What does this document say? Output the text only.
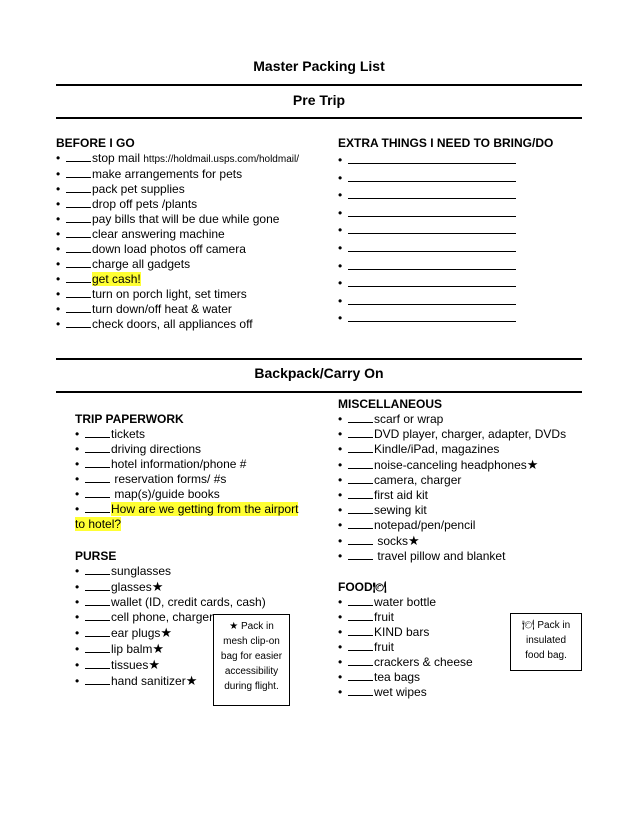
Master Packing List
Pre Trip
BEFORE I GO
•	stop mail https://holdmail.usps.com/holdmail/
•	make arrangements for pets
•	pack pet supplies
•	drop off pets /plants
•	pay bills that will be due while gone
•	clear answering machine
•	down load photos off camera
•	charge all gadgets
•	get cash!
•	turn on porch light, set timers
•	turn down/off heat & water
•	check doors, all appliances off
EXTRA THINGS I NEED TO BRING/DO
•
•
•
•
•
•
•
•
•
•
Backpack/Carry On
TRIP PAPERWORK
•	tickets
•	driving directions
•	hotel information/phone #
•	reservation forms/ #s
•	map(s)/guide books
•	How are we getting from the airport
to hotel?
PURSE
•	sunglasses
•	glasses★
•	wallet (ID, credit cards, cash)
•	cell phone, charger
•	ear plugs★
•	lip balm★
•	tissues★
•	hand sanitizer★
★ Pack in
mesh clip-on
bag for easier
accessibility
during flight.
MISCELLANEOUS
•	scarf or wrap
•	DVD player, charger, adapter, DVDs
•	Kindle/iPad, magazines
•	noise-canceling headphones★
•	camera, charger
•	first aid kit
•	sewing kit
•	notepad/pen/pencil
•	socks★
•	travel pillow and blanket
FOOD🍽
•	water bottle
•	fruit
•	KIND bars
•	fruit
•	crackers & cheese
•	tea bags
•	wet wipes
🍽 Pack in
insulated
food bag.
